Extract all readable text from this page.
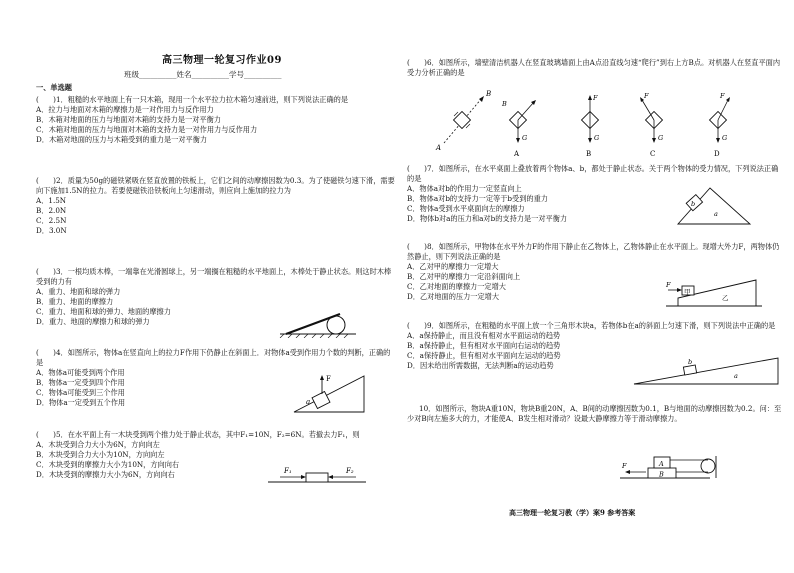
高三物理一轮复习作业09
班级__________姓名__________学号__________
一、单选题

(　　)1．粗糙的水平地面上有一只木箱，现用一个水平拉力拉木箱匀速前进，则下列说法正确的是

A．拉力与地面对木箱的摩擦力是一对作用力与反作用力

B．木箱对地面的压力与地面对木箱的支持力是一对平衡力

C．木箱对地面的压力与地面对木箱的支持力是一对作用力与反作用力

D．木箱对地面的压力与木箱受到的重力是一对平衡力

(　　)2．质量为50g的磁铁紧吸在竖直放置的铁板上，它们之间的动摩擦因数为0.3。为了使磁铁匀速下滑，需要向下施加1.5N的拉力。若要使磁铁沿铁板向上匀速滑动，则应向上施加的拉力为

A．1.5N

B．2.0N

C．2.5N

D．3.0N

(　　)3．一根均质木棒，一端靠在光滑圆球上，另一端搁在粗糙的水平地面上，木棒处于静止状态。则这时木棒受到的力有

A．重力、地面和球的弹力

B．重力、地面的摩擦力

C．重力、地面和球的弹力、地面的摩擦力

D．重力、地面的摩擦力和球的弹力

(　　)4．如图所示，物体a在竖直向上的拉力F作用下仍静止在斜面上．对物体a受到作用力个数的判断，正确的是

A．物体a可能受到两个作用

B．物体a一定受到四个作用

C．物体a可能受到三个作用

D．物体a一定受到五个作用

(　　)5．在水平面上有一木块受到两个推力处于静止状态，其中F₁=10N，F₂=6N。若撤去力F₁，则

A．木块受到合力大小为6N，方向向左

B．木块受到合力大小为10N，方向向左

C．木块受到的摩擦力大小为10N，方向向右

D．木块受到的摩擦力大小为6N，方向向右

F
a
F₁	F₂

(　　)6．如图所示，墙壁清洁机器人在竖直玻璃墙面上由A点沿直线匀速“爬行”到右上方B点。对机器人在竖直平面内受力分析正确的是

(　　)7．如图所示，在水平桌面上叠放着两个物体a、b，都处于静止状态。关于两个物体的受力情况，下列说法正确的是

A．物体a对b的作用力一定竖直向上

B．物体a对b的支持力一定等于b受到的重力

C．物体a受到水平桌面向左的摩擦力

D．物体b对a的压力和a对b的支持力是一对平衡力

(　　)8．如图所示，甲物体在水平外力F的作用下静止在乙物体上，乙物体静止在水平面上。现增大外力F，两物体仍然静止，则下列说法正确的是

A．乙对甲的摩擦力一定增大

B．乙对甲的摩擦力一定沿斜面向上

C．乙对地面的摩擦力一定增大

D．乙对地面的压力一定增大

(　　)9．如图所示，在粗糙的水平面上放一个三角形木块a，若物体b在a的斜面上匀速下滑，则下列说法中正确的是

A．a保持静止，而且没有相对水平面运动的趋势

B．a保持静止，但有相对水平面向右运动的趋势

C．a保持静止，但有相对水平面向左运动的趋势

D．因未给出所需数据，无法判断a的运动趋势

10．如图所示，物块A重10N，物块B重20N，A、B间的动摩擦因数为0.1，B与地面的动摩擦因数为0.2。问：至少对B向左施多大的力，才能使A、B发生相对滑动？设最大静摩擦力等于滑动摩擦力。

A
B
B
G
A
F
G
B
F
G
C
F
G
D
b
a
F
甲
乙
b
a
F	A
B
高三物理一轮复习教（学）案9 参考答案
